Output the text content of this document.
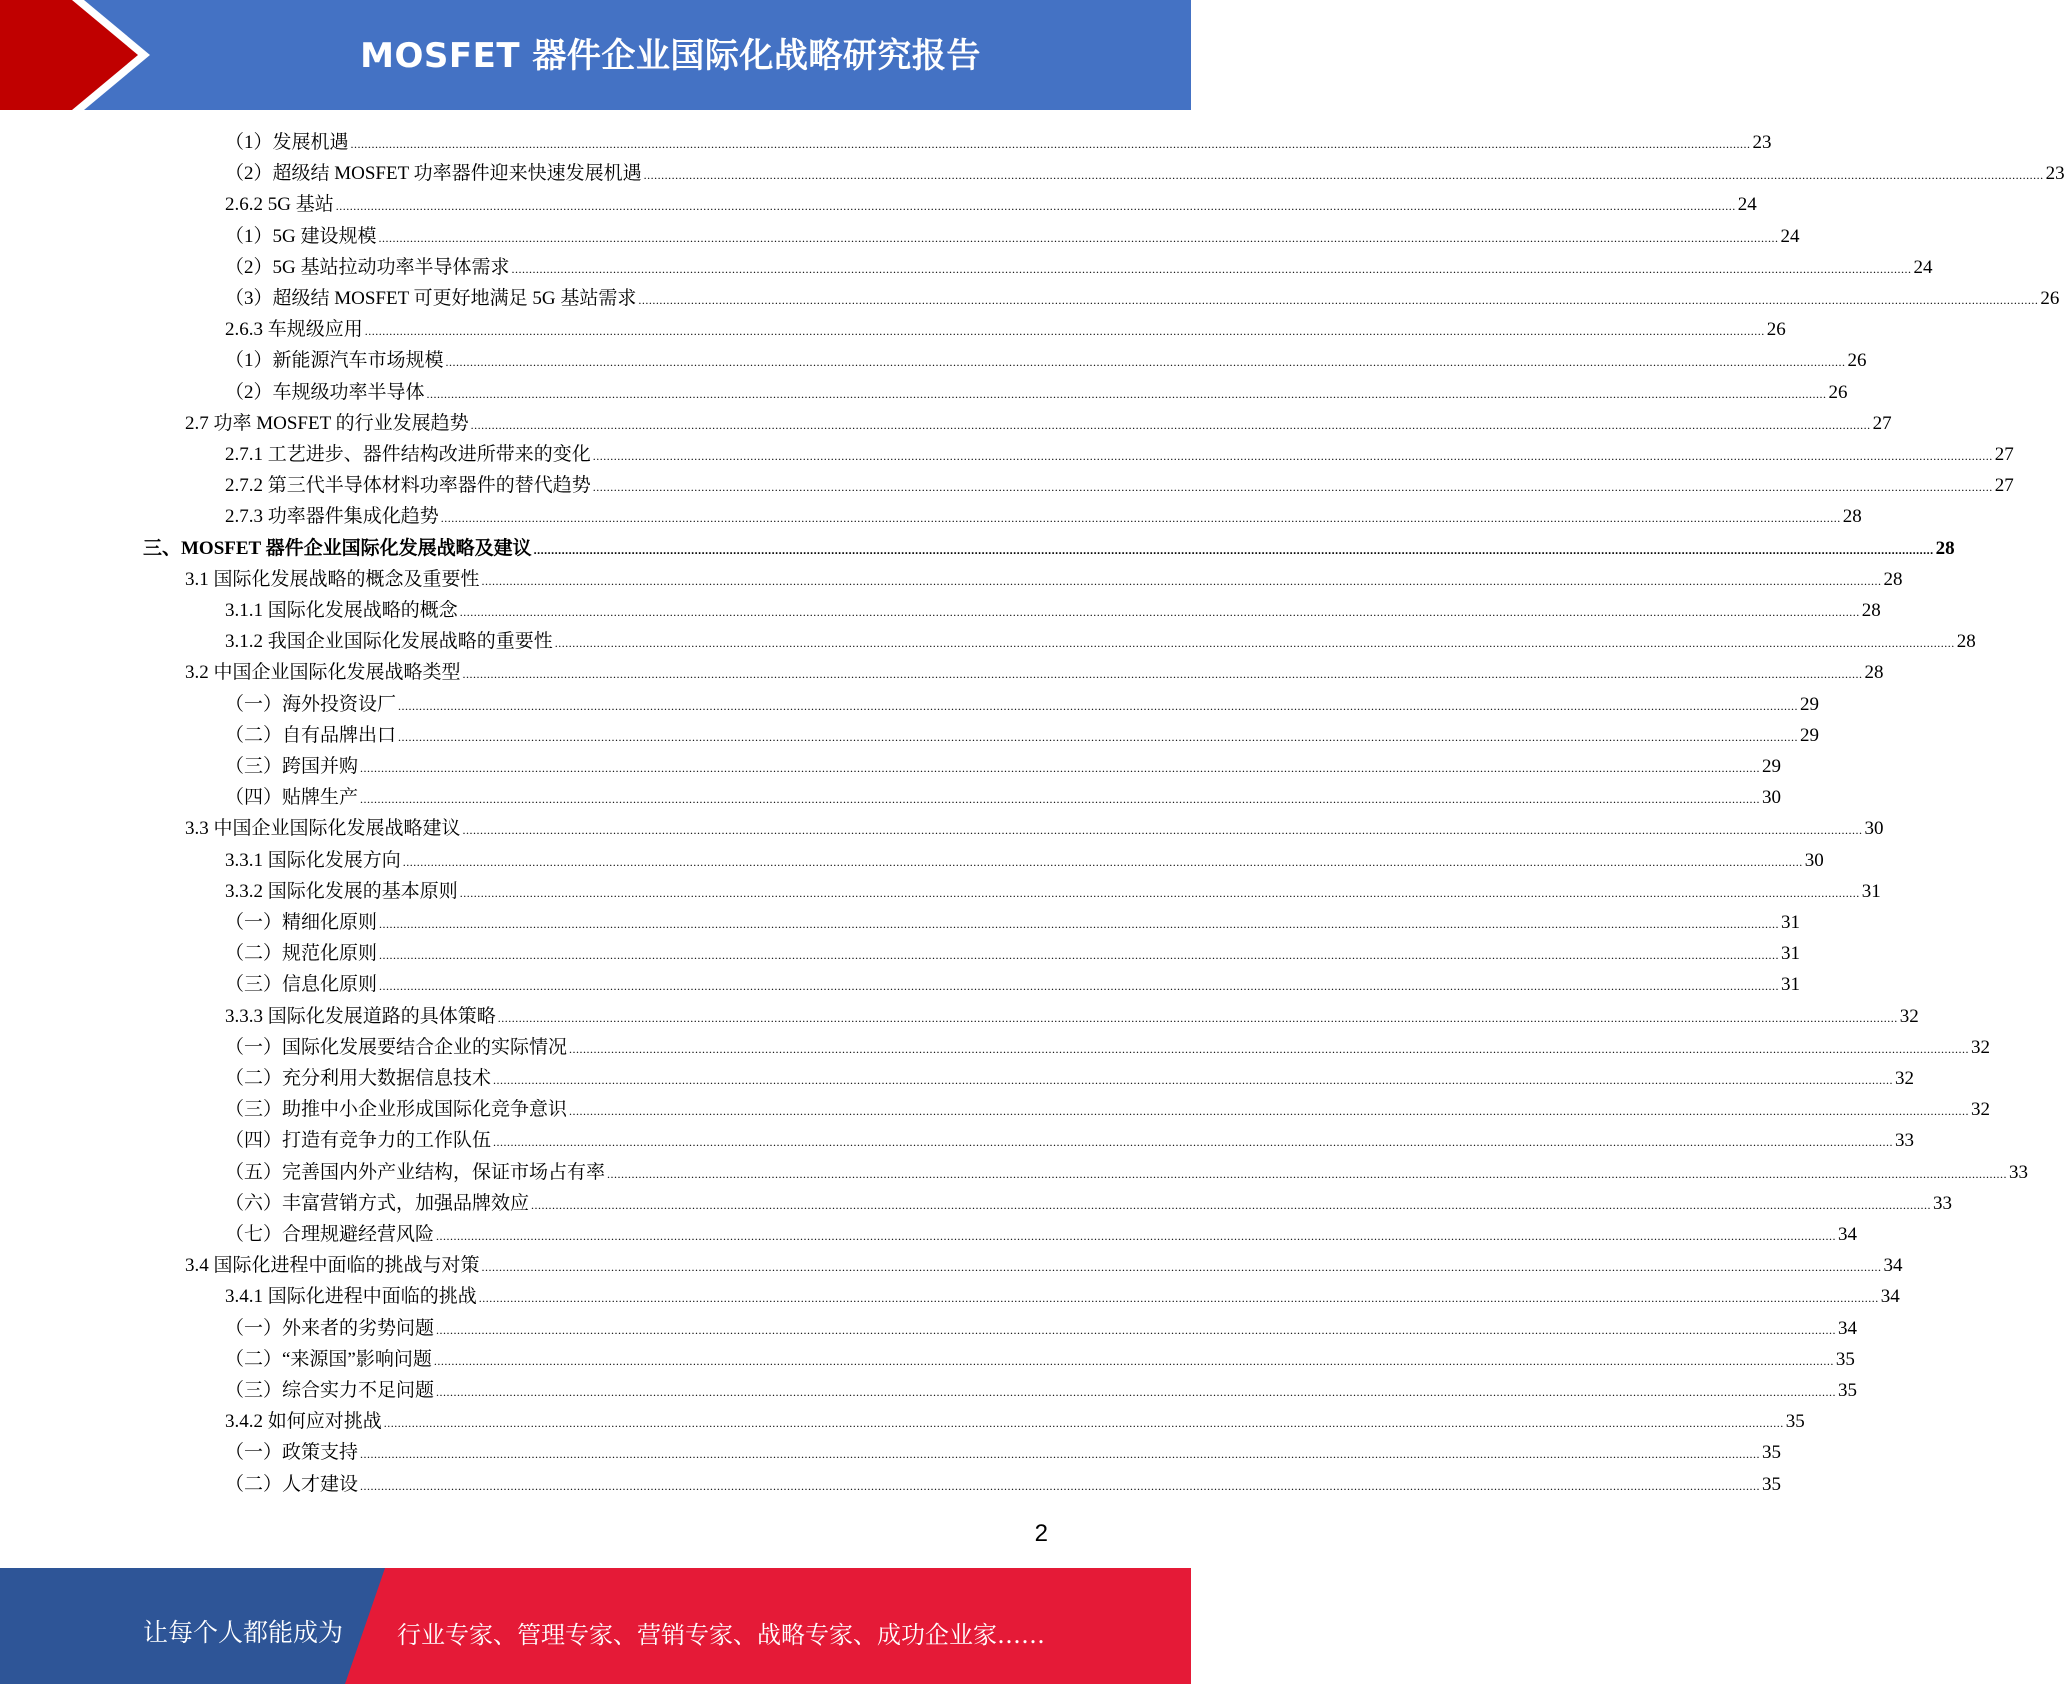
MOSFET 器件企业国际化战略研究报告
（1）发展机遇 ................................................................................................................................................................................................................................................................................................................................................................................................................ 23
（2）超级结 MOSFET 功率器件迎来快速发展机遇 ................................................................................................................................................................................................................................................................................................................................................................................................................ 23
2.6.2 5G 基站 ................................................................................................................................................................................................................................................................................................................................................................................................................ 24
（1）5G 建设规模 ................................................................................................................................................................................................................................................................................................................................................................................................................ 24
（2）5G 基站拉动功率半导体需求 ................................................................................................................................................................................................................................................................................................................................................................................................................ 24
（3）超级结 MOSFET 可更好地满足 5G 基站需求 ................................................................................................................................................................................................................................................................................................................................................................................................................ 26
2.6.3 车规级应用 ................................................................................................................................................................................................................................................................................................................................................................................................................ 26
（1）新能源汽车市场规模 ................................................................................................................................................................................................................................................................................................................................................................................................................ 26
（2）车规级功率半导体 ................................................................................................................................................................................................................................................................................................................................................................................................................ 26
2.7 功率 MOSFET 的行业发展趋势 ................................................................................................................................................................................................................................................................................................................................................................................................................ 27
2.7.1 工艺进步、器件结构改进所带来的变化 ................................................................................................................................................................................................................................................................................................................................................................................................................ 27
2.7.2 第三代半导体材料功率器件的替代趋势 ................................................................................................................................................................................................................................................................................................................................................................................................................ 27
2.7.3 功率器件集成化趋势 ................................................................................................................................................................................................................................................................................................................................................................................................................ 28
三、MOSFET 器件企业国际化发展战略及建议 ................................................................................................................................................................................................................................................................................................................................................................................................................ 28
3.1 国际化发展战略的概念及重要性 ................................................................................................................................................................................................................................................................................................................................................................................................................ 28
3.1.1 国际化发展战略的概念 ................................................................................................................................................................................................................................................................................................................................................................................................................ 28
3.1.2 我国企业国际化发展战略的重要性 ................................................................................................................................................................................................................................................................................................................................................................................................................ 28
3.2 中国企业国际化发展战略类型 ................................................................................................................................................................................................................................................................................................................................................................................................................ 28
（一）海外投资设厂 ................................................................................................................................................................................................................................................................................................................................................................................................................ 29
（二）自有品牌出口 ................................................................................................................................................................................................................................................................................................................................................................................................................ 29
（三）跨国并购 ................................................................................................................................................................................................................................................................................................................................................................................................................ 29
（四）贴牌生产 ................................................................................................................................................................................................................................................................................................................................................................................................................ 30
3.3 中国企业国际化发展战略建议 ................................................................................................................................................................................................................................................................................................................................................................................................................ 30
3.3.1 国际化发展方向 ................................................................................................................................................................................................................................................................................................................................................................................................................ 30
3.3.2 国际化发展的基本原则 ................................................................................................................................................................................................................................................................................................................................................................................................................ 31
（一）精细化原则 ................................................................................................................................................................................................................................................................................................................................................................................................................ 31
（二）规范化原则 ................................................................................................................................................................................................................................................................................................................................................................................................................ 31
（三）信息化原则 ................................................................................................................................................................................................................................................................................................................................................................................................................ 31
3.3.3 国际化发展道路的具体策略 ................................................................................................................................................................................................................................................................................................................................................................................................................ 32
（一）国际化发展要结合企业的实际情况 ................................................................................................................................................................................................................................................................................................................................................................................................................ 32
（二）充分利用大数据信息技术 ................................................................................................................................................................................................................................................................................................................................................................................................................ 32
（三）助推中小企业形成国际化竞争意识 ................................................................................................................................................................................................................................................................................................................................................................................................................ 32
（四）打造有竞争力的工作队伍 ................................................................................................................................................................................................................................................................................................................................................................................................................ 33
（五）完善国内外产业结构，保证市场占有率 ................................................................................................................................................................................................................................................................................................................................................................................................................ 33
（六）丰富营销方式，加强品牌效应 ................................................................................................................................................................................................................................................................................................................................................................................................................ 33
（七）合理规避经营风险 ................................................................................................................................................................................................................................................................................................................................................................................................................ 34
3.4 国际化进程中面临的挑战与对策 ................................................................................................................................................................................................................................................................................................................................................................................................................ 34
3.4.1 国际化进程中面临的挑战 ................................................................................................................................................................................................................................................................................................................................................................................................................ 34
（一）外来者的劣势问题 ................................................................................................................................................................................................................................................................................................................................................................................................................ 34
（二）“来源国”影响问题 ................................................................................................................................................................................................................................................................................................................................................................................................................ 35
（三）综合实力不足问题 ................................................................................................................................................................................................................................................................................................................................................................................................................ 35
3.4.2 如何应对挑战 ................................................................................................................................................................................................................................................................................................................................................................................................................ 35
（一）政策支持 ................................................................................................................................................................................................................................................................................................................................................................................................................ 35
（二）人才建设 ................................................................................................................................................................................................................................................................................................................................................................................................................ 35
2
让每个人都能成为 行业专家、管理专家、营销专家、战略专家、成功企业家……
